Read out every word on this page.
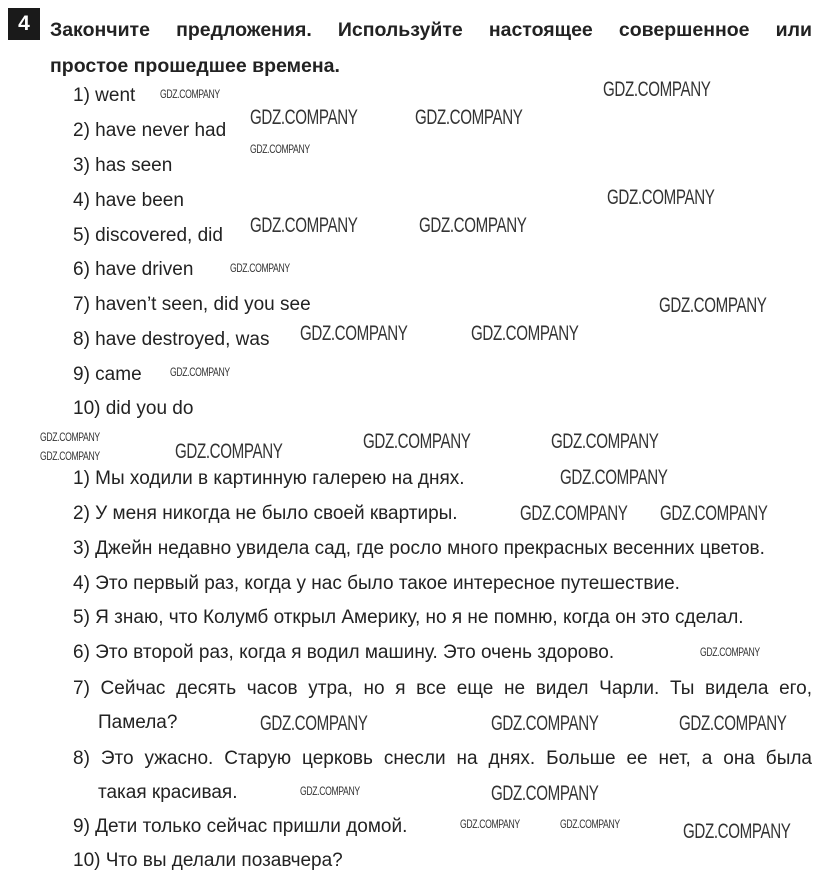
4	Закончите предложения. Используйте настоящее совершенное или
простое прошедшее времена.
1) went
2) have never had
3) has seen
4) have been
5) discovered, did
6) have driven
7) haven’t seen, did you see
8) have destroyed, was
9) came
10) did you do
1) Мы ходили в картинную галерею на днях.
2) У меня никогда не было своей квартиры.
3) Джейн недавно увидела сад, где росло много прекрасных весенних цветов.
4) Это первый раз, когда у нас было такое интересное путешествие.
5) Я знаю, что Колумб открыл Америку, но я не помню, когда он это сделал.
6) Это второй раз, когда я водил машину. Это очень здорово.
7) Сейчас десять часов утра, но я все еще не видел Чарли. Ты видела его,
Памела?
8) Это ужасно. Старую церковь снесли на днях. Больше ее нет, а она была
такая красивая.
9) Дети только сейчас пришли домой.
10) Что вы делали позавчера?
GDZ.COMPANY
GDZ.COMPANY	GDZ.COMPANY
GDZ.COMPANY
GDZ.COMPANY	GDZ.COMPANY
GDZ.COMPANY
GDZ.COMPANY	GDZ.COMPANY
GDZ.COMPANY	GDZ.COMPANY
GDZ.COMPANY
GDZ.COMPANY
GDZ.COMPANY GDZ.COMPANY
GDZ.COMPANY
GDZ.COMPANY	GDZ.COMPANY
GDZ.COMPANY
GDZ.COMPANY
GDZ.COMPANY
GDZ.COMPANY
GDZ.COMPANY
GDZ.COMPANY
GDZ.COMPANY
GDZ.COMPANY
GDZ.COMPANY
GDZ.COMPANY
GDZ.COMPANY	GDZ.COMPANY
